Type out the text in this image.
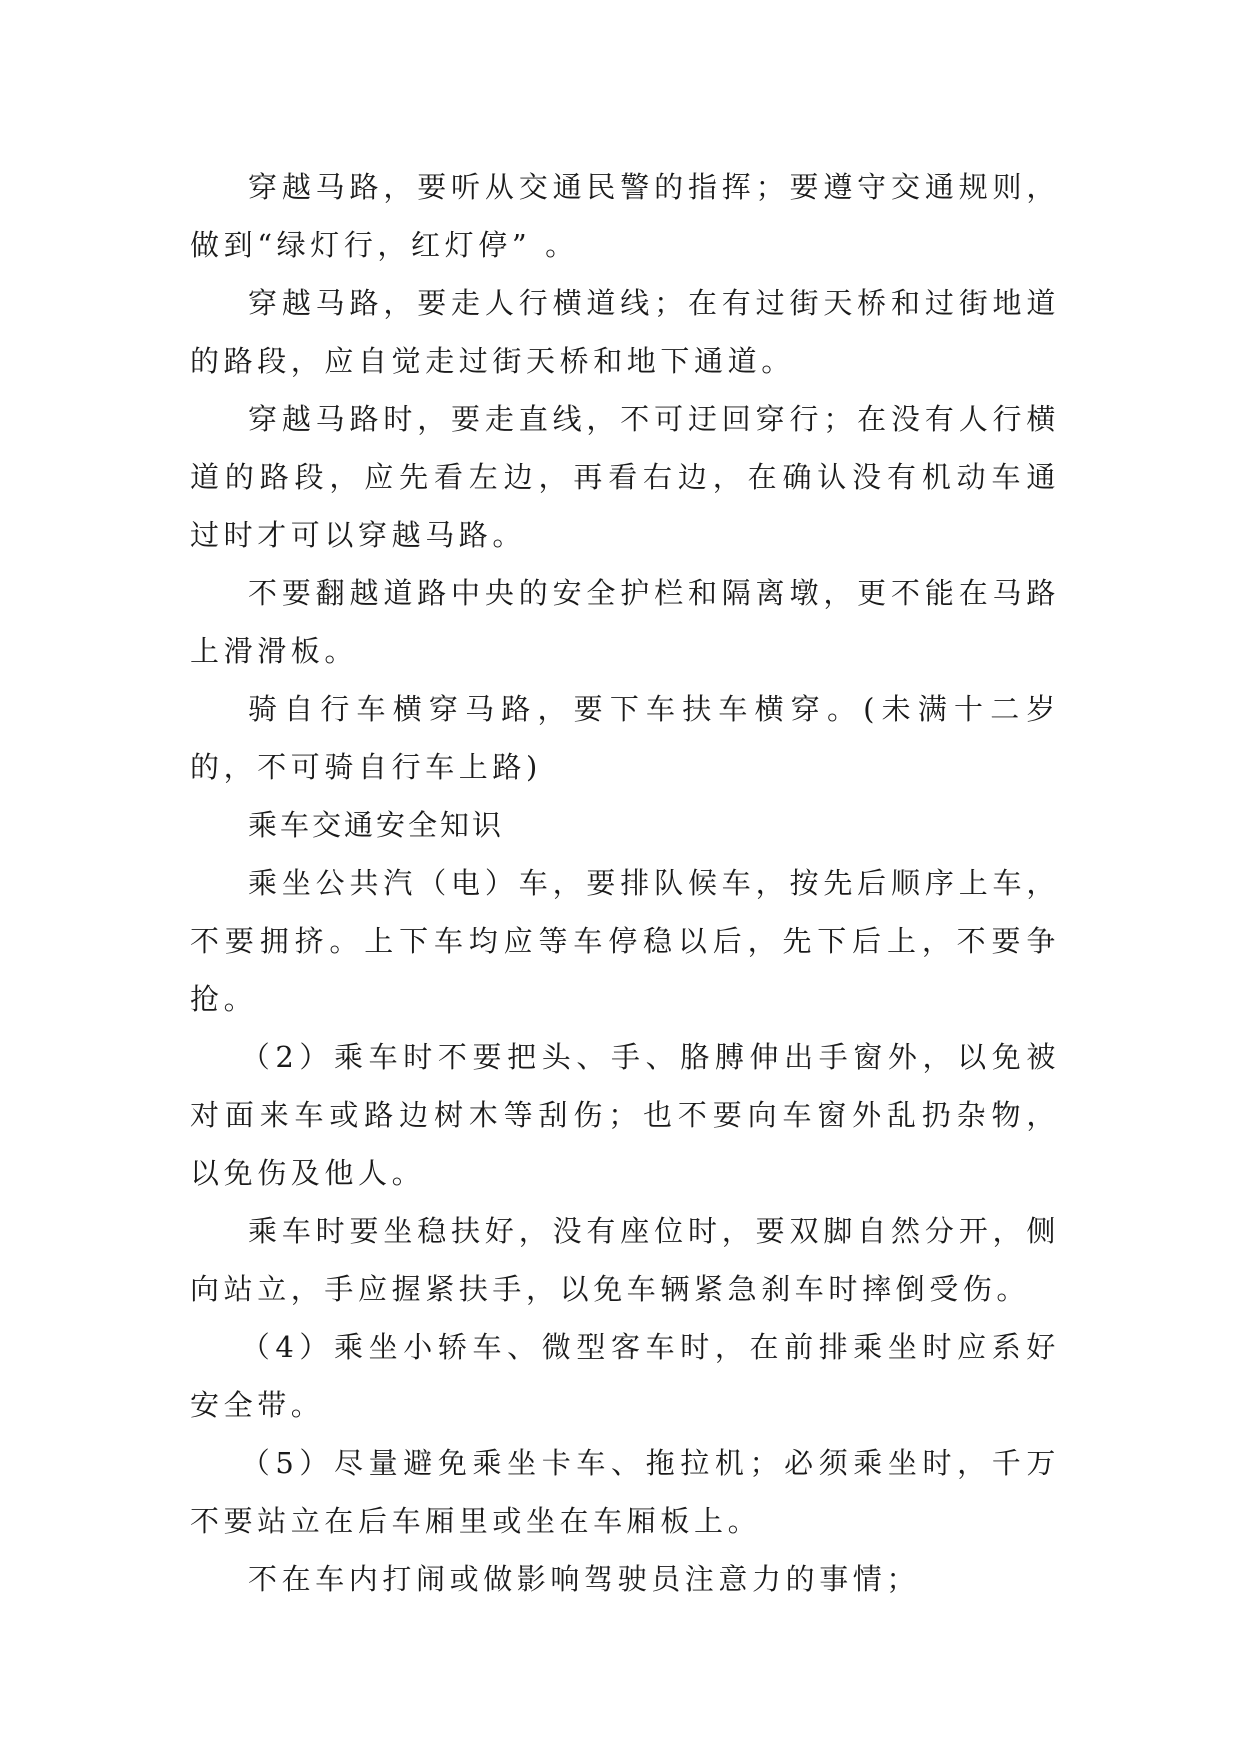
穿越马路，要听从交通民警的指挥；要遵守交通规则，做到“绿灯行，红灯停” 。

穿越马路，要走人行横道线；在有过街天桥和过街地道的路段，应自觉走过街天桥和地下通道。

穿越马路时，要走直线，不可迂回穿行；在没有人行横道的路段，应先看左边，再看右边，在确认没有机动车通过时才可以穿越马路。

不要翻越道路中央的安全护栏和隔离墩，更不能在马路上滑滑板。

骑自行车横穿马路，要下车扶车横穿。(未满十二岁的，不可骑自行车上路)

乘车交通安全知识

乘坐公共汽（电）车，要排队候车，按先后顺序上车，不要拥挤。上下车均应等车停稳以后，先下后上，不要争抢。

（2）乘车时不要把头、手、胳膊伸出手窗外，以免被对面来车或路边树木等刮伤；也不要向车窗外乱扔杂物，以免伤及他人。

乘车时要坐稳扶好，没有座位时，要双脚自然分开，侧向站立，手应握紧扶手，以免车辆紧急刹车时摔倒受伤。

（4）乘坐小轿车、微型客车时，在前排乘坐时应系好安全带。

（5）尽量避免乘坐卡车、拖拉机；必须乘坐时，千万不要站立在后车厢里或坐在车厢板上。

不在车内打闹或做影响驾驶员注意力的事情；
